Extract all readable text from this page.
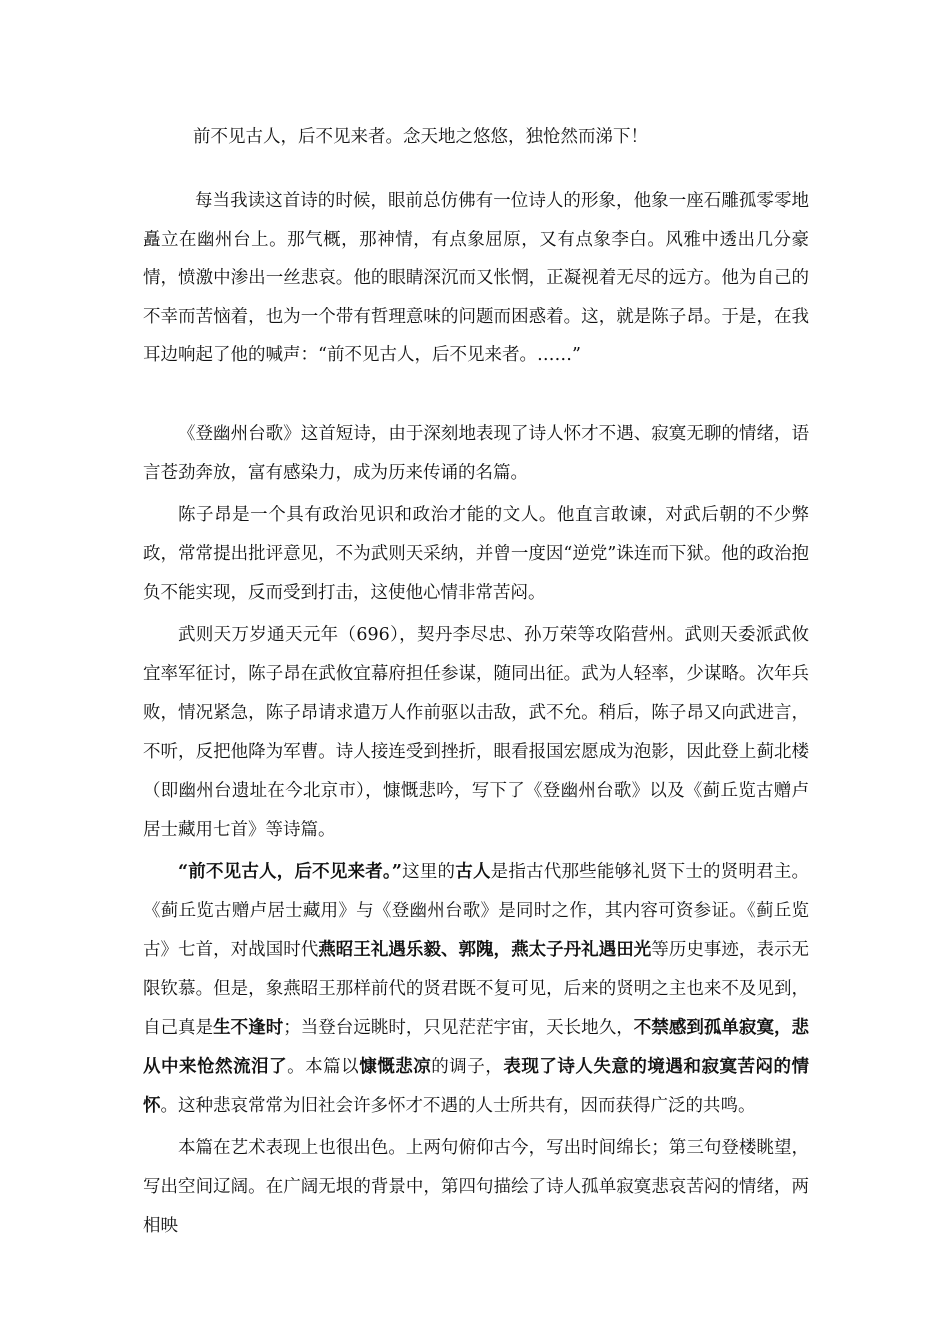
前不见古人，后不见来者。念天地之悠悠，独怆然而涕下！

每当我读这首诗的时候，眼前总仿佛有一位诗人的形象，他象一座石雕孤零零地矗立在幽州台上。那气概，那神情，有点象屈原，又有点象李白。风雅中透出几分豪情，愤激中渗出一丝悲哀。他的眼睛深沉而又怅惘，正凝视着无尽的远方。他为自己的不幸而苦恼着，也为一个带有哲理意味的问题而困惑着。这，就是陈子昂。于是，在我耳边响起了他的喊声：“前不见古人，后不见来者。……”

《登幽州台歌》这首短诗，由于深刻地表现了诗人怀才不遇、寂寞无聊的情绪，语言苍劲奔放，富有感染力，成为历来传诵的名篇。

陈子昂是一个具有政治见识和政治才能的文人。他直言敢谏，对武后朝的不少弊政，常常提出批评意见，不为武则天采纳，并曾一度因“逆党”诛连而下狱。他的政治抱负不能实现，反而受到打击，这使他心情非常苦闷。

武则天万岁通天元年（696），契丹李尽忠、孙万荣等攻陷营州。武则天委派武攸宜率军征讨，陈子昂在武攸宜幕府担任参谋，随同出征。武为人轻率，少谋略。次年兵败，情况紧急，陈子昂请求遣万人作前驱以击敌，武不允。稍后，陈子昂又向武进言，不听，反把他降为军曹。诗人接连受到挫折，眼看报国宏愿成为泡影，因此登上蓟北楼（即幽州台遗址在今北京市），慷慨悲吟，写下了《登幽州台歌》以及《蓟丘览古赠卢居士藏用七首》等诗篇。

“前不见古人，后不见来者。”这里的古人是指古代那些能够礼贤下士的贤明君主。《蓟丘览古赠卢居士藏用》与《登幽州台歌》是同时之作，其内容可资参证。《蓟丘览古》七首，对战国时代燕昭王礼遇乐毅、郭隗，燕太子丹礼遇田光等历史事迹，表示无限钦慕。但是，象燕昭王那样前代的贤君既不复可见，后来的贤明之主也来不及见到，自己真是生不逢时；当登台远眺时，只见茫茫宇宙，天长地久，不禁感到孤单寂寞，悲从中来怆然流泪了。本篇以慷慨悲凉的调子，表现了诗人失意的境遇和寂寞苦闷的情怀。这种悲哀常常为旧社会许多怀才不遇的人士所共有，因而获得广泛的共鸣。

本篇在艺术表现上也很出色。上两句俯仰古今，写出时间绵长；第三句登楼眺望，写出空间辽阔。在广阔无垠的背景中，第四句描绘了诗人孤单寂寞悲哀苦闷的情绪，两相映
